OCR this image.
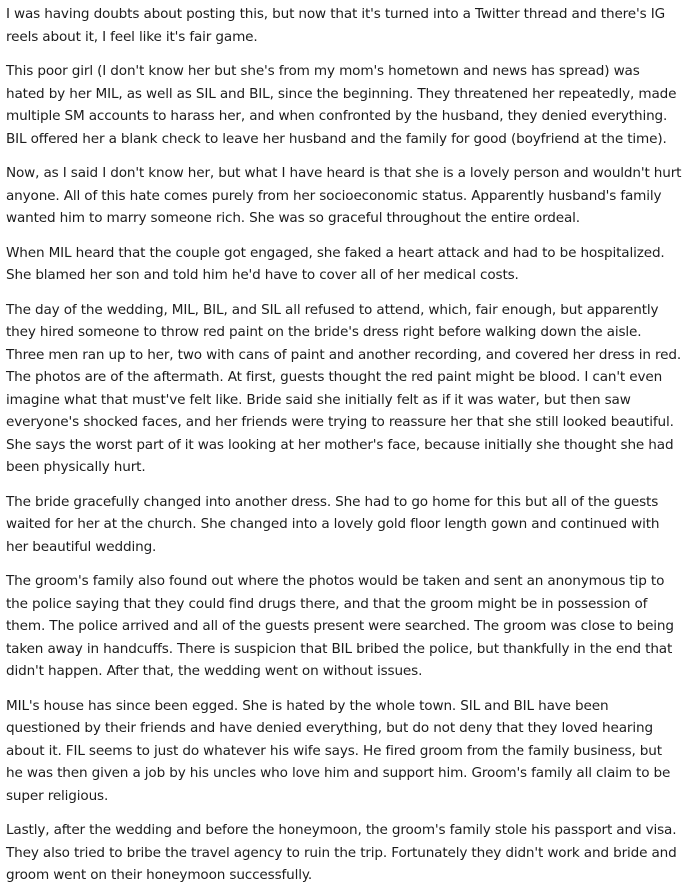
I was having doubts about posting this, but now that it's turned into a Twitter thread and there's IG reels about it, I feel like it's fair game.

This poor girl (I don't know her but she's from my mom's hometown and news has spread) was hated by her MIL, as well as SIL and BIL, since the beginning. They threatened her repeatedly, made multiple SM accounts to harass her, and when confronted by the husband, they denied everything. BIL offered her a blank check to leave her husband and the family for good (boyfriend at the time).

Now, as I said I don't know her, but what I have heard is that she is a lovely person and wouldn't hurt anyone. All of this hate comes purely from her socioeconomic status. Apparently husband's family wanted him to marry someone rich. She was so graceful throughout the entire ordeal.

When MIL heard that the couple got engaged, she faked a heart attack and had to be hospitalized. She blamed her son and told him he'd have to cover all of her medical costs.

The day of the wedding, MIL, BIL, and SIL all refused to attend, which, fair enough, but apparently they hired someone to throw red paint on the bride's dress right before walking down the aisle. Three men ran up to her, two with cans of paint and another recording, and covered her dress in red. The photos are of the aftermath. At first, guests thought the red paint might be blood. I can't even imagine what that must've felt like. Bride said she initially felt as if it was water, but then saw everyone's shocked faces, and her friends were trying to reassure her that she still looked beautiful. She says the worst part of it was looking at her mother's face, because initially she thought she had been physically hurt.

The bride gracefully changed into another dress. She had to go home for this but all of the guests waited for her at the church. She changed into a lovely gold floor length gown and continued with her beautiful wedding.

The groom's family also found out where the photos would be taken and sent an anonymous tip to the police saying that they could find drugs there, and that the groom might be in possession of them. The police arrived and all of the guests present were searched. The groom was close to being taken away in handcuffs. There is suspicion that BIL bribed the police, but thankfully in the end that didn't happen. After that, the wedding went on without issues.

MIL's house has since been egged. She is hated by the whole town. SIL and BIL have been questioned by their friends and have denied everything, but do not deny that they loved hearing about it. FIL seems to just do whatever his wife says. He fired groom from the family business, but he was then given a job by his uncles who love him and support him. Groom's family all claim to be super religious.

Lastly, after the wedding and before the honeymoon, the groom's family stole his passport and visa. They also tried to bribe the travel agency to ruin the trip. Fortunately they didn't work and bride and groom went on their honeymoon successfully.
